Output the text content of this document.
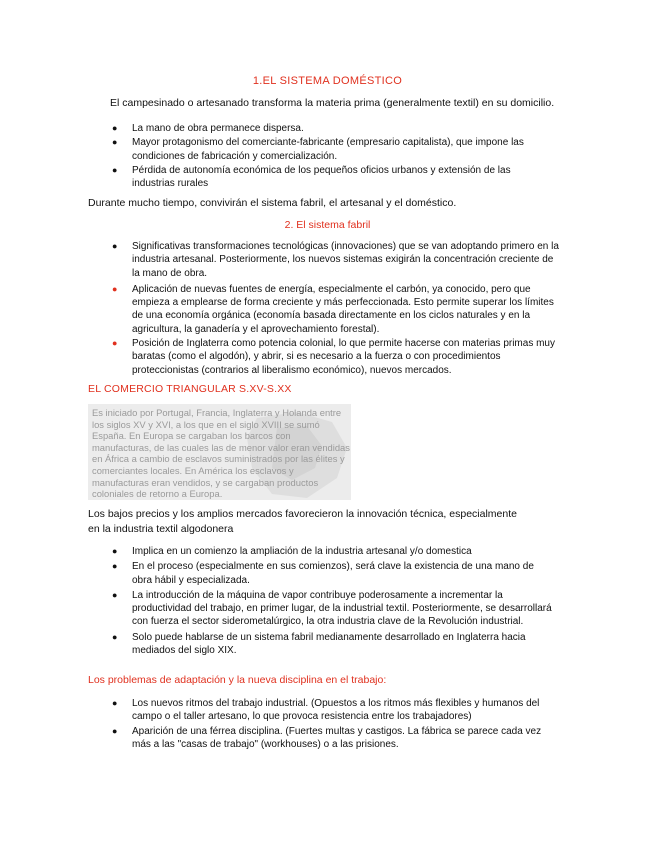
1.EL SISTEMA DOMÉSTICO
El campesinado o artesanado transforma la materia prima (generalmente textil) en su domicilio.
● La mano de obra permanece dispersa.
● Mayor protagonismo del comerciante-fabricante (empresario capitalista), que impone las condiciones de fabricación y comercialización.
● Pérdida de autonomía económica de los pequeños oficios urbanos y extensión de las industrias rurales
Durante mucho tiempo, convivirán el sistema fabril, el artesanal y el doméstico.
2. El sistema fabril
● Significativas transformaciones tecnológicas (innovaciones) que se van adoptando primero en la industria artesanal. Posteriormente, los nuevos sistemas exigirán la concentración creciente de la mano de obra.
● Aplicación de nuevas fuentes de energía, especialmente el carbón, ya conocido, pero que empieza a emplearse de forma creciente y más perfeccionada. Esto permite superar los límites de una economía orgánica (economía basada directamente en los ciclos naturales y en la agricultura, la ganadería y el aprovechamiento forestal).
● Posición de Inglaterra como potencia colonial, lo que permite hacerse con materias primas muy baratas (como el algodón), y abrir, si es necesario a la fuerza o con procedimientos proteccionistas (contrarios al liberalismo económico), nuevos mercados.
EL COMERCIO TRIANGULAR S.XV-S.XX
Es iniciado por Portugal, Francia, Inglaterra y Holanda entre los siglos XV y XVI, a los que en el siglo XVIII se sumó España. En Europa se cargaban los barcos con manufacturas, de las cuales las de menor valor eran vendidas en África a cambio de esclavos suministrados por las élites y comerciantes locales. En América los esclavos y manufacturas eran vendidos, y se cargaban productos coloniales de retorno a Europa.
Los bajos precios y los amplios mercados favorecieron la innovación técnica, especialmente en la industria textil algodonera
● Implica en un comienzo la ampliación de la industria artesanal y/o domestica
● En el proceso (especialmente en sus comienzos), será clave la existencia de una mano de obra hábil y especializada.
● La introducción de la máquina de vapor contribuye poderosamente a incrementar la productividad del trabajo, en primer lugar, de la industrial textil. Posteriormente, se desarrollará con fuerza el sector siderometalúrgico, la otra industria clave de la Revolución industrial.
● Solo puede hablarse de un sistema fabril medianamente desarrollado en Inglaterra hacia mediados del siglo XIX.
Los problemas de adaptación y la nueva disciplina en el trabajo:
● Los nuevos ritmos del trabajo industrial. (Opuestos a los ritmos más flexibles y humanos del campo o el taller artesano, lo que provoca resistencia entre los trabajadores)
● Aparición de una férrea disciplina. (Fuertes multas y castigos. La fábrica se parece cada vez más a las "casas de trabajo" (workhouses) o a las prisiones.
